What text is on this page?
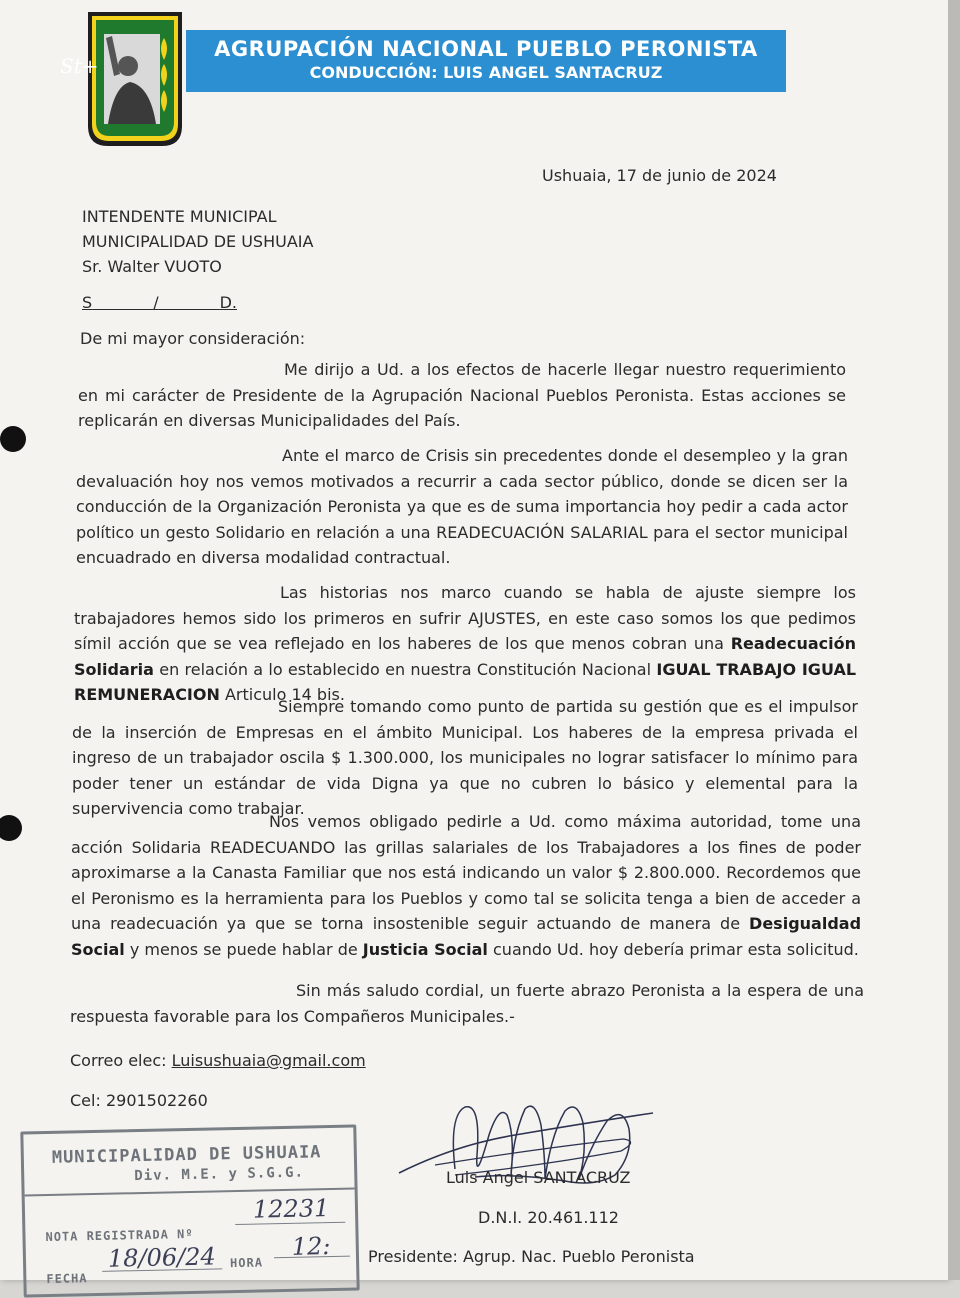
St+
AGRUPACIÓN NACIONAL PUEBLO PERONISTA
CONDUCCIÓN: LUIS ANGEL SANTACRUZ
Ushuaia, 17 de junio de 2024
INTENDENTE MUNICIPAL
MUNICIPALIDAD DE USHUAIA
Sr. Walter VUOTO
S	/	D.
De mi mayor consideración:

Me dirijo a Ud. a los efectos de hacerle llegar nuestro requerimiento en mi carácter de Presidente de la Agrupación Nacional Pueblos Peronista. Estas acciones se replicarán en diversas Municipalidades del País.

Ante el marco de Crisis sin precedentes donde el desempleo y la gran devaluación hoy nos vemos motivados a recurrir a cada sector público, donde se dicen ser la conducción de la Organización Peronista ya que es de suma importancia hoy pedir a cada actor político un gesto Solidario en relación a una READECUACIÓN SALARIAL para el sector municipal encuadrado en diversa modalidad contractual.

Las historias nos marco cuando se habla de ajuste siempre los trabajadores hemos sido los primeros en sufrir AJUSTES, en este caso somos los que pedimos símil acción que se vea reflejado en los haberes de los que menos cobran una Readecuación Solidaria en relación a lo establecido en nuestra Constitución Nacional IGUAL TRABAJO IGUAL REMUNERACION Articulo 14 bis.

Siempre tomando como punto de partida su gestión que es el impulsor de la inserción de Empresas en el ámbito Municipal. Los haberes de la empresa privada el ingreso de un trabajador oscila $ 1.300.000, los municipales no lograr satisfacer lo mínimo para poder tener un estándar de vida Digna ya que no cubren lo básico y elemental para la supervivencia como trabajar.

Nos vemos obligado pedirle a Ud. como máxima autoridad, tome una acción Solidaria READECUANDO las grillas salariales de los Trabajadores a los fines de poder aproximarse a la Canasta Familiar que nos está indicando un valor $ 2.800.000. Recordemos que el Peronismo es la herramienta para los Pueblos y como tal se solicita tenga a bien de acceder a una readecuación ya que se torna insostenible seguir actuando de manera de Desigualdad Social y menos se puede hablar de Justicia Social cuando Ud. hoy debería primar esta solicitud.

Sin más saludo cordial, un fuerte abrazo Peronista a la espera de una respuesta favorable para los Compañeros Municipales.-

Correo elec: Luisushuaia@gmail.com
Cel: 2901502260
MUNICIPALIDAD DE USHUAIA
Div. M.E. y S.G.G.
NOTA REGISTRADA Nº
12231
FECHA
18/06/24 HORA
12:
Luis Angel SANTACRUZ
D.N.I. 20.461.112
Presidente: Agrup. Nac. Pueblo Peronista
